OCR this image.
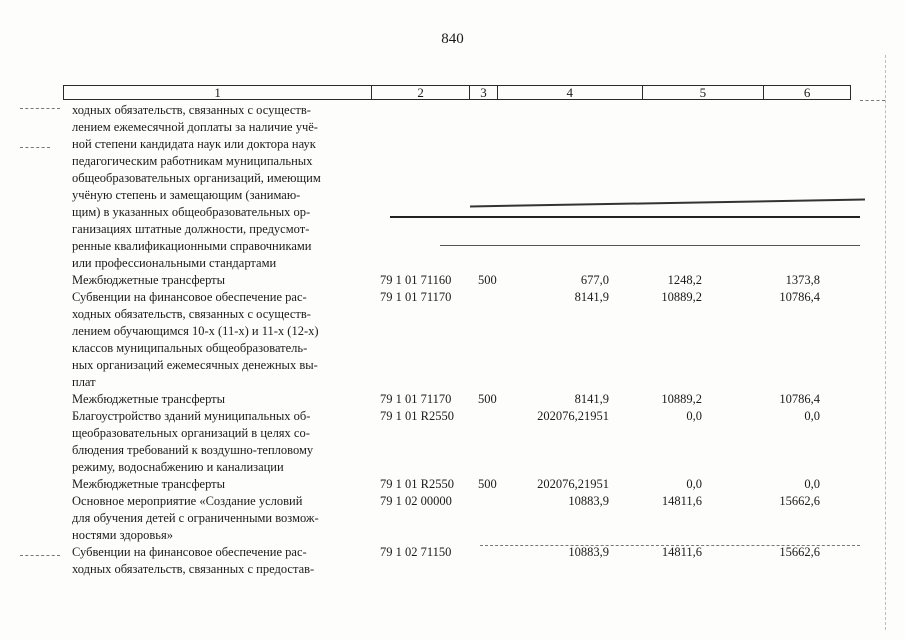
840
1	2	3	4	5	6
ходных обязательств, связанных с осуществ-
лением ежемесячной доплаты за наличие учё-
ной степени кандидата наук или доктора наук
педагогическим работникам муниципальных
общеобразовательных организаций, имеющим
учёную степень и замещающим (занимаю-
щим) в указанных общеобразовательных ор-
ганизациях штатные должности, предусмот-
ренные квалификационными справочниками
или профессиональными стандартами
Межбюджетные трансферты	79 1 01 71160 500	677,0	1248,2	1373,8
Субвенции на финансовое обеспечение рас-
ходных обязательств, связанных с осуществ-
лением обучающимся 10-х (11-х) и 11-х (12-х)
классов муниципальных общеобразователь-
ных организаций ежемесячных денежных вы-
плат
79 1 01 71170	8141,9	10889,2	10786,4
Межбюджетные трансферты	79 1 01 71170 500	8141,9	10889,2	10786,4
Благоустройство зданий муниципальных об-
щеобразовательных организаций в целях со-
блюдения требований к воздушно-тепловому
режиму, водоснабжению и канализации
79 1 01 R2550	202076,21951	0,0	0,0
Межбюджетные трансферты	79 1 01 R2550 500	202076,21951	0,0	0,0
Основное мероприятие «Создание условий
для обучения детей с ограниченными возмож-
ностями здоровья»
79 1 02 00000	10883,9	14811,6	15662,6
Субвенции на финансовое обеспечение рас-
ходных обязательств, связанных с предостав-
79 1 02 71150	10883,9	14811,6	15662,6
